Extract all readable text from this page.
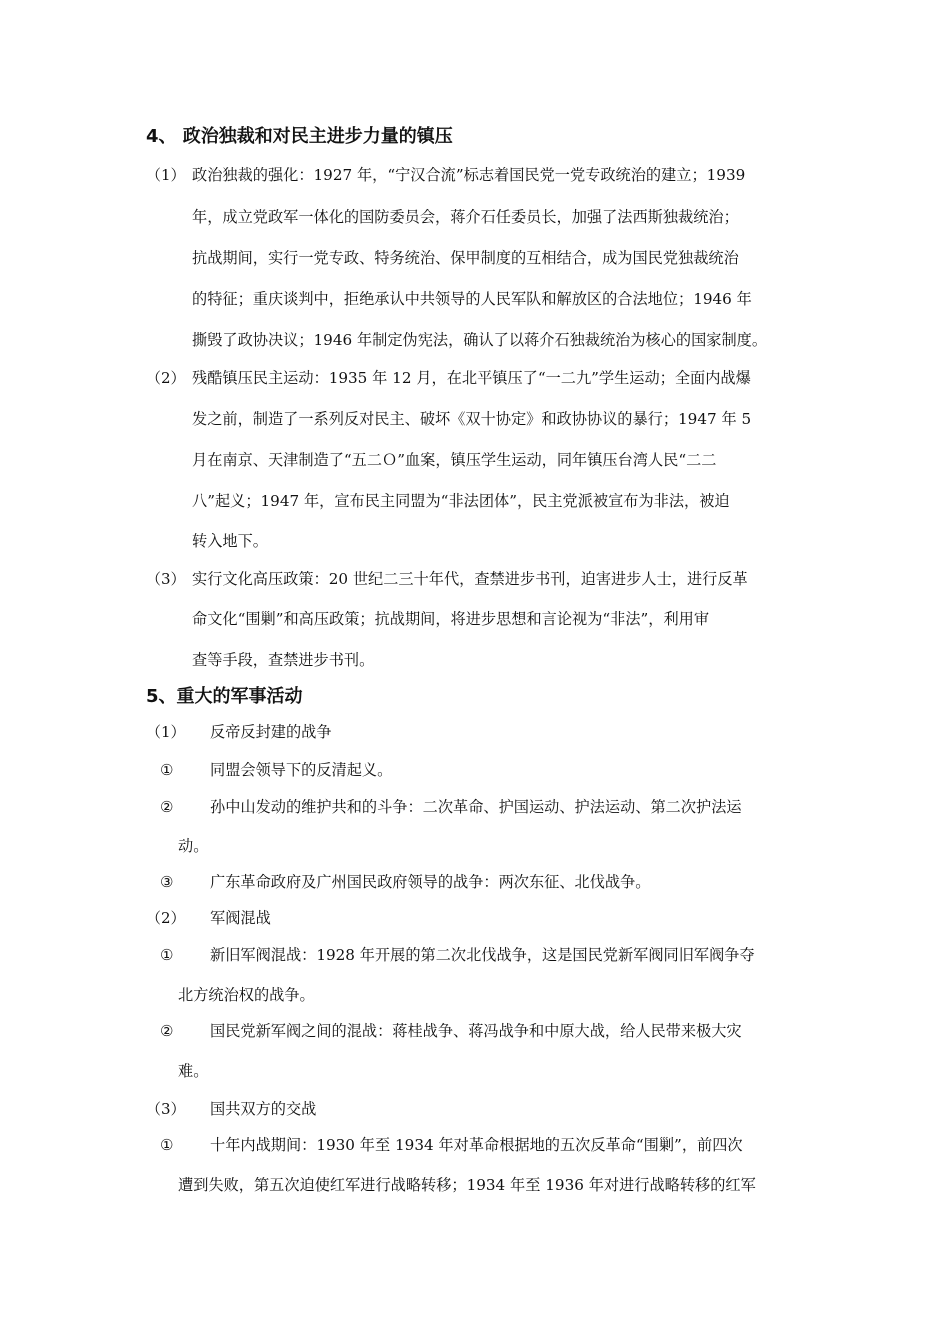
4、 政治独裁和对民主进步力量的镇压
（1） 政治独裁的强化：1927 年，“宁汉合流”标志着国民党一党专政统治的建立；1939
年，成立党政军一体化的国防委员会，蒋介石任委员长，加强了法西斯独裁统治；
抗战期间，实行一党专政、特务统治、保甲制度的互相结合，成为国民党独裁统治
的特征；重庆谈判中，拒绝承认中共领导的人民军队和解放区的合法地位；1946 年
撕毁了政协决议；1946 年制定伪宪法，确认了以蒋介石独裁统治为核心的国家制度。
（2） 残酷镇压民主运动：1935 年 12 月，在北平镇压了“一二九”学生运动；全面内战爆
发之前，制造了一系列反对民主、破坏《双十协定》和政协协议的暴行；1947 年 5
月在南京、天津制造了“五二Ｏ”血案，镇压学生运动，同年镇压台湾人民“二二
八”起义；1947 年，宣布民主同盟为“非法团体”，民主党派被宣布为非法，被迫
转入地下。
（3） 实行文化高压政策：20 世纪二三十年代，查禁进步书刊，迫害进步人士，进行反革
命文化“围剿”和高压政策；抗战期间，将进步思想和言论视为“非法”，利用审
查等手段，查禁进步书刊。
5、重大的军事活动
（1） 反帝反封建的战争
① 同盟会领导下的反清起义。
② 孙中山发动的维护共和的斗争：二次革命、护国运动、护法运动、第二次护法运
动。
③ 广东革命政府及广州国民政府领导的战争：两次东征、北伐战争。
（2） 军阀混战
① 新旧军阀混战：1928 年开展的第二次北伐战争，这是国民党新军阀同旧军阀争夺
北方统治权的战争。
② 国民党新军阀之间的混战：蒋桂战争、蒋冯战争和中原大战，给人民带来极大灾
难。
（3） 国共双方的交战
① 十年内战期间：1930 年至 1934 年对革命根据地的五次反革命“围剿”，前四次
遭到失败，第五次迫使红军进行战略转移；1934 年至 1936 年对进行战略转移的红军
